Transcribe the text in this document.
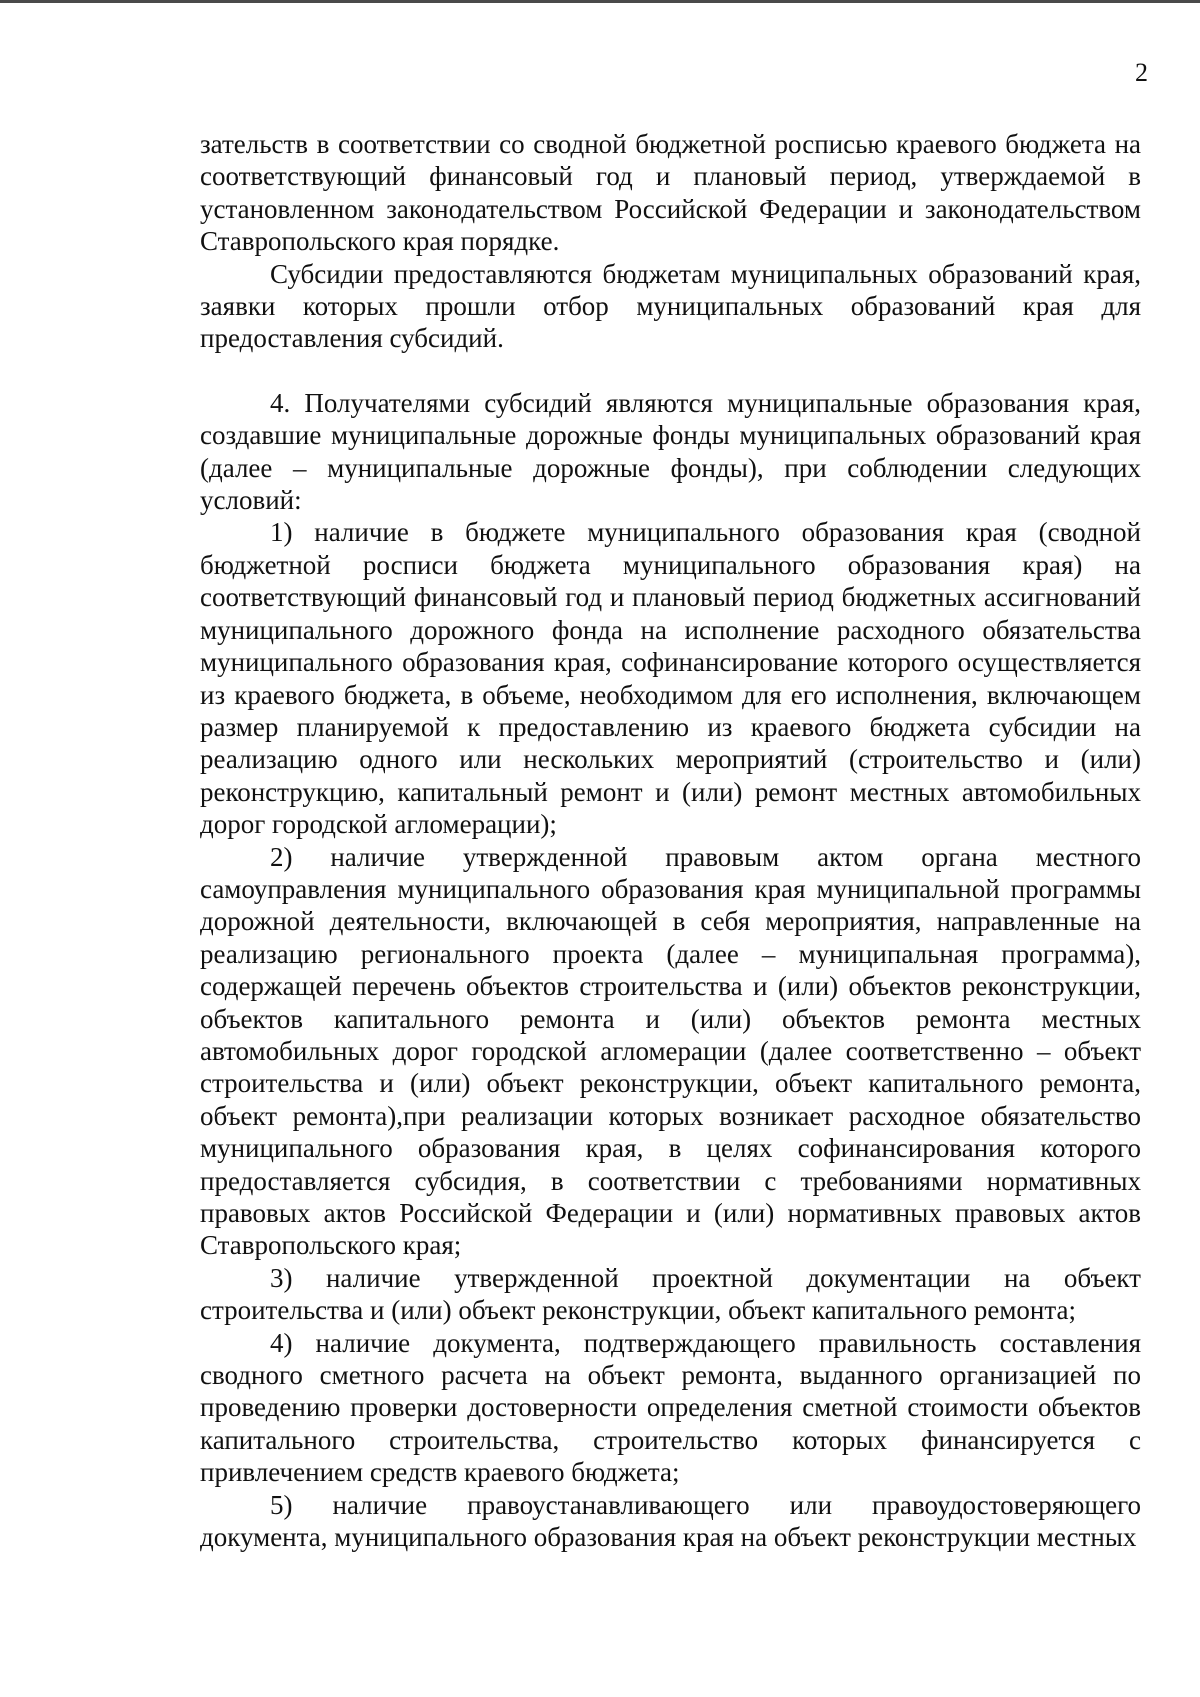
2

зательств в соответствии со сводной бюджетной росписью краевого бюджета на соответствующий финансовый год и плановый период, утверждаемой в установленном законодательством Российской Федерации и законодательством Ставропольского края порядке.

Субсидии предоставляются бюджетам муниципальных образований края, заявки которых прошли отбор муниципальных образований края для предоставления субсидий.

4. Получателями субсидий являются муниципальные образования края, создавшие муниципальные дорожные фонды муниципальных образований края (далее – муниципальные дорожные фонды), при соблюдении следующих условий:

1) наличие в бюджете муниципального образования края (сводной бюджетной росписи бюджета муниципального образования края) на соответствующий финансовый год и плановый период бюджетных ассигнований муниципального дорожного фонда на исполнение расходного обязательства муниципального образования края, софинансирование которого осуществляется из краевого бюджета, в объеме, необходимом для его исполнения, включающем размер планируемой к предоставлению из краевого бюджета субсидии на реализацию одного или нескольких мероприятий (строительство и (или) реконструкцию, капитальный ремонт и (или) ремонт местных автомобильных дорог городской агломерации);

2) наличие утвержденной правовым актом органа местного самоуправления муниципального образования края муниципальной программы дорожной деятельности, включающей в себя мероприятия, направленные на реализацию регионального проекта (далее – муниципальная программа), содержащей перечень объектов строительства и (или) объектов реконструкции, объектов капитального ремонта и (или) объектов ремонта местных автомобильных дорог городской агломерации (далее соответственно – объект строительства и (или) объект реконструкции, объект капитального ремонта, объект ремонта),при реализации которых возникает расходное обязательство муниципального образования края, в целях софинансирования которого предоставляется субсидия, в соответствии с требованиями нормативных правовых актов Российской Федерации и (или) нормативных правовых актов Ставропольского края;

3) наличие утвержденной проектной документации на объект строительства и (или) объект реконструкции, объект капитального ремонта;

4) наличие документа, подтверждающего правильность составления сводного сметного расчета на объект ремонта, выданного организацией по проведению проверки достоверности определения сметной стоимости объектов капитального строительства, строительство которых финансируется с привлечением средств краевого бюджета;

5) наличие правоустанавливающего или правоудостоверяющего документа, муниципального образования края на объект реконструкции местных
